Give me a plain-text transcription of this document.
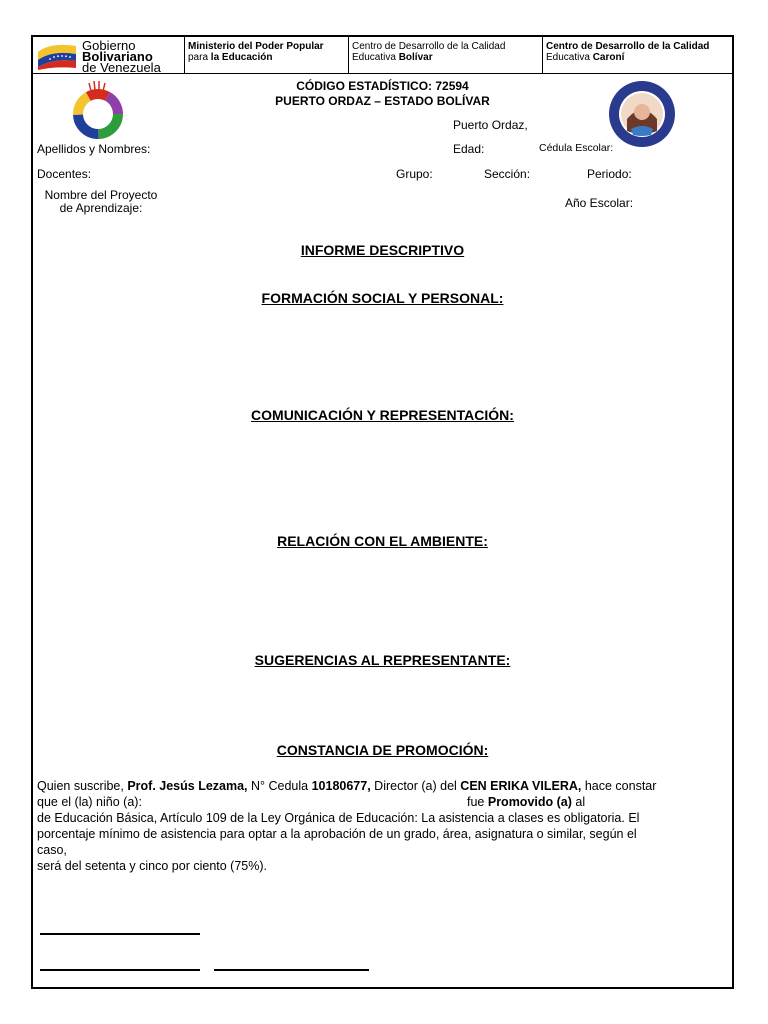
Gobierno
Bolivariano
de Venezuela
Ministerio del Poder Popular
para la Educación
Centro de Desarrollo de la Calidad
Educativa Bolívar
Centro de Desarrollo de la Calidad
Educativa Caroní
CÓDIGO ESTADÍSTICO: 72594
PUERTO ORDAZ – ESTADO BOLÍVAR
Puerto Ordaz,
Apellidos y Nombres:	Edad:	Cédula Escolar:
Docentes:	Grupo:	Sección:	Periodo:
Nombre del Proyecto
de Aprendizaje:	Año Escolar:
INFORME DESCRIPTIVO
FORMACIÓN SOCIAL Y PERSONAL:
COMUNICACIÓN Y REPRESENTACIÓN:
RELACIÓN CON EL AMBIENTE:
SUGERENCIAS AL REPRESENTANTE:
CONSTANCIA DE PROMOCIÓN:
Quien suscribe, Prof. Jesús Lezama, N° Cedula 10180677, Director (a) del CEN ERIKA VILERA, hace constar
que el (la) niño (a):	fue Promovido (a) al
de Educación Básica, Artículo 109 de la Ley Orgánica de Educación: La asistencia a clases es obligatoria. El
porcentaje mínimo de asistencia para optar a la aprobación de un grado, área, asignatura o similar, según el
caso,
será del setenta y cinco por ciento (75%).
